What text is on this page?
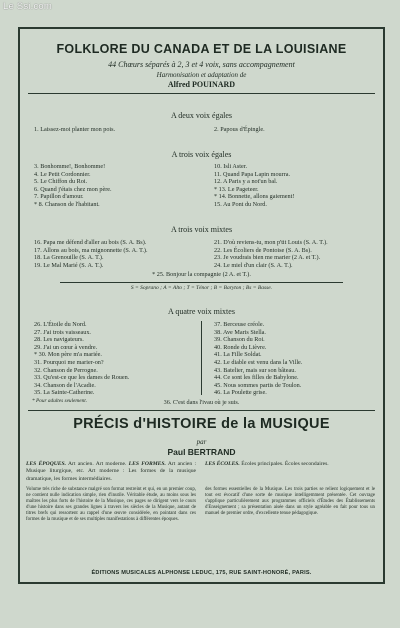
Le Ssi.com
FOLKLORE DU CANADA ET DE LA LOUISIANE
44 Chœurs séparés à 2, 3 et 4 voix, sans accompagnement
Harmonisation et adaptation de
Alfred POUINARD
A deux voix égales
1. Laissez-moi planter mon pois.	2. Papous d'Épingle.
A trois voix égales
3. Bonhomme!, Bonhomme!
4. Le Petit Cordonnier.
5. Le Chiffon du Roi.
6. Quand j'étais chez mon père.
7. Papillon d'amour.
* 8. Chanson de l'habitant.
10. Isli Aster.
11. Quand Papa Lapin mourra.
12. A Paris y a not'un bal.
* 13. Le Pageteer.
* 14. Bonnette, allons gaiement!
15. Au Pont du Nord.
A trois voix mixtes
16. Papa me défend d'aller au bois (S. A. Bs).
17. Allons au bois, ma mignonnette (S. A. T.).
18. La Grenouille (S. A. T.).
19. Le Mal Marié (S. A. T.).
21. D'où reviens-tu, mon p'tit Louis (S. A. T.).
22. Les Écoliers de Pontoise (S. A. Bs).
23. Je voudrais bien me marier (2 A. et T.).
24. Le miel d'un clair (S. A. T.).
* 25. Bonjour la compagnie (2 A. et T.).
S = Soprano ; A = Alto ; T = Ténor ; B = Baryton ; Bs = Basse.
A quatre voix mixtes
26. L'Étoile du Nord.
27. J'ai trois vaisseaux.
28. Les navigateurs.
29. J'ai un cœur à vendre.
* 30. Mon père m'a mariée.
31. Pourquoi me marier-on?
32. Chanson de Perrogne.
33. Qu'est-ce que les dames de Rouen.
34. Chanson de l'Acadie.
35. La Sainte-Catherine.
37. Berceuse créole.
38. Ave Maris Stella.
39. Chanson du Roi.
40. Ronde du Lièvre.
41. La Fille Soldat.
42. Le diable est venu dans la Ville.
43. Batelier, mais sur son bâteau.
44. Ce sont les filles de Babylone.
45. Nous sommes partis de Toulon.
46. La Poulette grise.
* Pour adultes seulement.	36. C'est dans l'ivau où je suis.
PRÉCIS d'HISTOIRE de la MUSIQUE
par
Paul BERTRAND
LES ÉPOQUES. Art ancien. Art moderne. LES FORMES. Art ancien : Musique liturgique, etc. Art moderne : Les formes de la musique dramatique, les formes intermédiaires.
LES ÉCOLES. Écoles principales. Écoles secondaires.
Volume très riche de substance malgré son format restreint et qui, en un premier coup, ne contient nulle indication simple, rien d'inutile. Véritable étude, au moins sous les maîtres les plus forts de l'histoire de la Musique, ces pages se dirigent vers le cours d'une histoire dans ses grandes lignes à travers les siècles de la Musique, autant de titres brefs qui ressortent au rappel d'une œuvre considérée, en pointant dans ces formes de la musique et de ses multiples manifestations à différentes époques.
des formes essentielles de la Musique. Les trois parties se relient logiquement et le tout est évocatif d'une sorte de musique intelligemment présentée. Cet ouvrage s'applique particulièrement aux programmes officiels d'Études des Établissements d'Enseignement ; sa présentation aisée dans un style agréable en fait pour tous un manuel de premier ordre, d'excellente tenue pédagogique.
ÉDITIONS MUSICALES ALPHONSE LEDUC, 175, RUE SAINT-HONORÉ, PARIS.
